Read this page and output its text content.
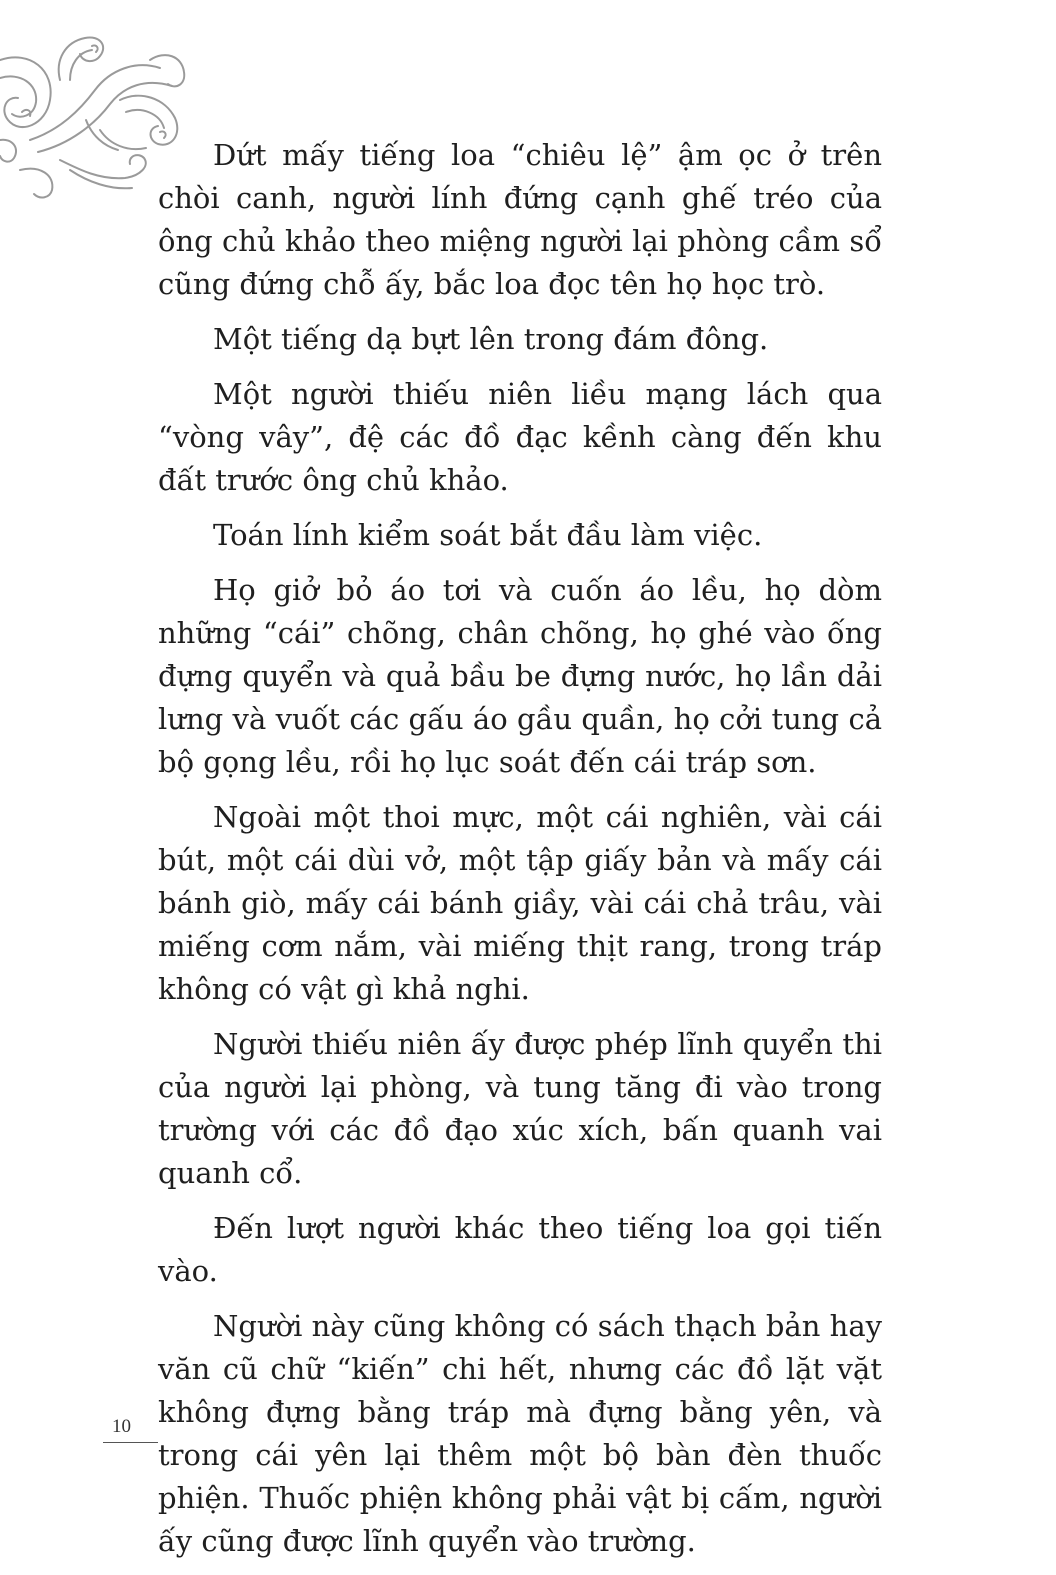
Dứt mấy tiếng loa “chiêu lệ” ậm ọc ở trên chòi canh, người lính đứng cạnh ghế tréo của ông chủ khảo theo miệng người lại phòng cầm sổ cũng đứng chỗ ấy, bắc loa đọc tên họ học trò.

Một tiếng dạ bựt lên trong đám đông.

Một người thiếu niên liều mạng lách qua “vòng vây”, đệ các đồ đạc kềnh càng đến khu đất trước ông chủ khảo.

Toán lính kiểm soát bắt đầu làm việc.

Họ giở bỏ áo tơi và cuốn áo lều, họ dòm những “cái” chõng, chân chõng, họ ghé vào ống đựng quyển và quả bầu be đựng nước, họ lần dải lưng và vuốt các gấu áo gầu quần, họ cởi tung cả bộ gọng lều, rồi họ lục soát đến cái tráp sơn.

Ngoài một thoi mực, một cái nghiên, vài cái bút, một cái dùi vở, một tập giấy bản và mấy cái bánh giò, mấy cái bánh giầy, vài cái chả trâu, vài miếng cơm nắm, vài miếng thịt rang, trong tráp không có vật gì khả nghi.

Người thiếu niên ấy được phép lĩnh quyển thi của người lại phòng, và tung tăng đi vào trong trường với các đồ đạo xúc xích, bấn quanh vai quanh cổ.

Đến lượt người khác theo tiếng loa gọi tiến vào.

Người này cũng không có sách thạch bản hay văn cũ chữ “kiến” chi hết, nhưng các đồ lặt vặt không đựng bằng tráp mà đựng bằng yên, và trong cái yên lại thêm một bộ bàn đèn thuốc phiện. Thuốc phiện không phải vật bị cấm, người ấy cũng được lĩnh quyển vào trường.

10
